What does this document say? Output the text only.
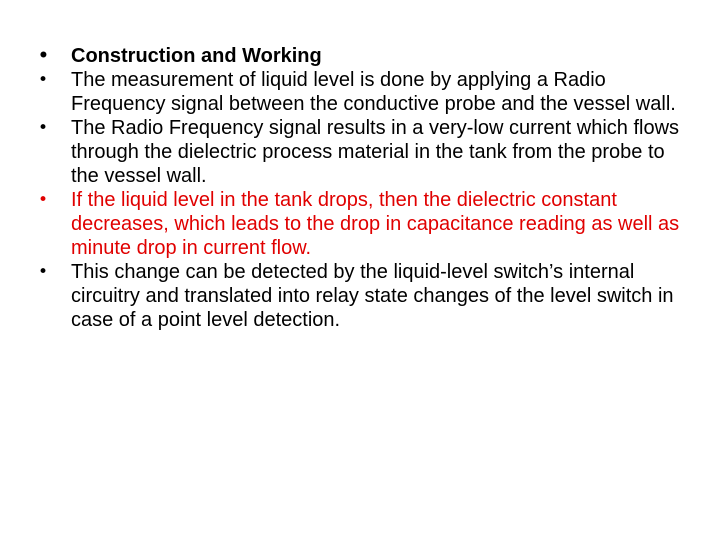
•	Construction and Working
•	The measurement of liquid level is done by applying a Radio Frequency signal between the conductive probe and the vessel wall.
•	The Radio Frequency signal results in a very-low current which flows through the dielectric process material in the tank from the probe to the vessel wall.
•	If the liquid level in the tank drops, then the dielectric constant decreases, which leads to the drop in capacitance reading as well as minute drop in current flow.
•	This change can be detected by the liquid-level switch’s internal circuitry and translated into relay state changes of the level switch in case of a point level detection.
